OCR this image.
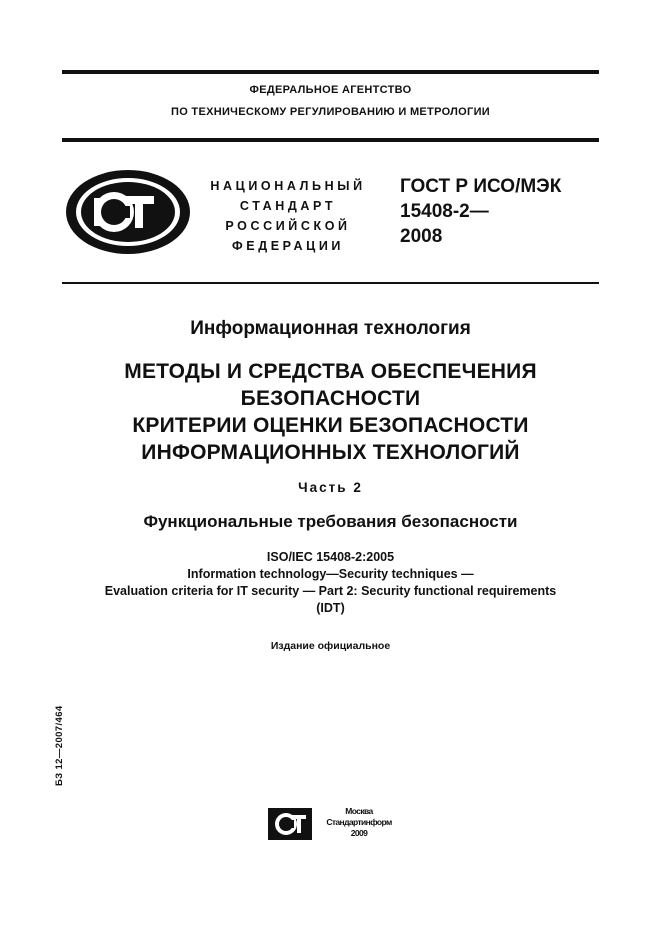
ФЕДЕРАЛЬНОЕ АГЕНТСТВО
ПО ТЕХНИЧЕСКОМУ РЕГУЛИРОВАНИЮ И МЕТРОЛОГИИ
НАЦИОНАЛЬНЫЙ
СТАНДАРТ
РОССИЙСКОЙ
ФЕДЕРАЦИИ
ГОСТ Р ИСО/МЭК
15408-2—
2008
Информационная технология
МЕТОДЫ И СРЕДСТВА ОБЕСПЕЧЕНИЯ
БЕЗОПАСНОСТИ
КРИТЕРИИ ОЦЕНКИ БЕЗОПАСНОСТИ
ИНФОРМАЦИОННЫХ ТЕХНОЛОГИЙ
Часть 2
Функциональные требования безопасности
ISO/IEC 15408-2:2005
Information technology—Security techniques —
Evaluation criteria for IT security — Part 2: Security functional requirements
(IDT)
Издание официальное
БЗ 12—2007/464
Москва
Стандартинформ
2009
